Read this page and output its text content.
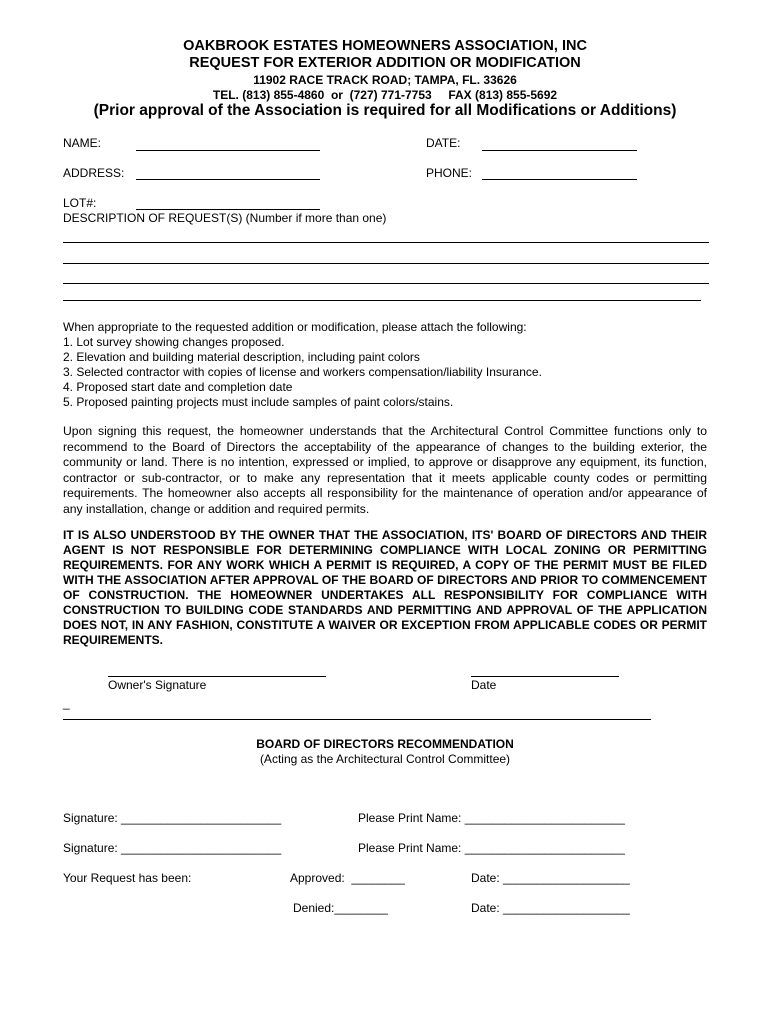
OAKBROOK ESTATES HOMEOWNERS ASSOCIATION, INC
REQUEST FOR EXTERIOR ADDITION OR MODIFICATION
11902 RACE TRACK ROAD; TAMPA, FL. 33626
TEL. (813) 855-4860  or  (727) 771-7753     FAX (813) 855-5692
(Prior approval of the Association is required for all Modifications or Additions)
NAME:	DATE:
ADDRESS:	PHONE:
LOT#:
DESCRIPTION OF REQUEST(S) (Number if more than one)
When appropriate to the requested addition or modification, please attach the following:
1. Lot survey showing changes proposed.
2. Elevation and building material description, including paint colors
3. Selected contractor with copies of license and workers compensation/liability Insurance.
4. Proposed start date and completion date
5. Proposed painting projects must include samples of paint colors/stains.
Upon signing this request, the homeowner understands that the Architectural Control Committee functions only to recommend to the Board of Directors the acceptability of the appearance of changes to the building exterior, the community or land. There is no intention, expressed or implied, to approve or disapprove any equipment, its function, contractor or sub-contractor, or to make any representation that it meets applicable county codes or permitting requirements. The homeowner also accepts all responsibility for the maintenance of operation and/or appearance of any installation, change or addition and required permits.
IT IS ALSO UNDERSTOOD BY THE OWNER THAT THE ASSOCIATION, ITS' BOARD OF DIRECTORS AND THEIR AGENT IS NOT RESPONSIBLE FOR DETERMINING COMPLIANCE WITH LOCAL ZONING OR PERMITTING REQUIREMENTS. FOR ANY WORK WHICH A PERMIT IS REQUIRED, A COPY OF THE PERMIT MUST BE FILED WITH THE ASSOCIATION AFTER APPROVAL OF THE BOARD OF DIRECTORS AND PRIOR TO COMMENCEMENT OF CONSTRUCTION. THE HOMEOWNER UNDERTAKES ALL RESPONSIBILITY FOR COMPLIANCE WITH CONSTRUCTION TO BUILDING CODE STANDARDS AND PERMITTING AND APPROVAL OF THE APPLICATION DOES NOT, IN ANY FASHION, CONSTITUTE A WAIVER OR EXCEPTION FROM APPLICABLE CODES OR PERMIT REQUIREMENTS.
Owner's Signature	Date
_
BOARD OF DIRECTORS RECOMMENDATION
(Acting as the Architectural Control Committee)
Signature: ________________________	Please Print Name: ________________________
Signature: ________________________	Please Print Name: ________________________
Your Request has been:	Approved:  ________	Date: ___________________
Denied:________	Date: ___________________
